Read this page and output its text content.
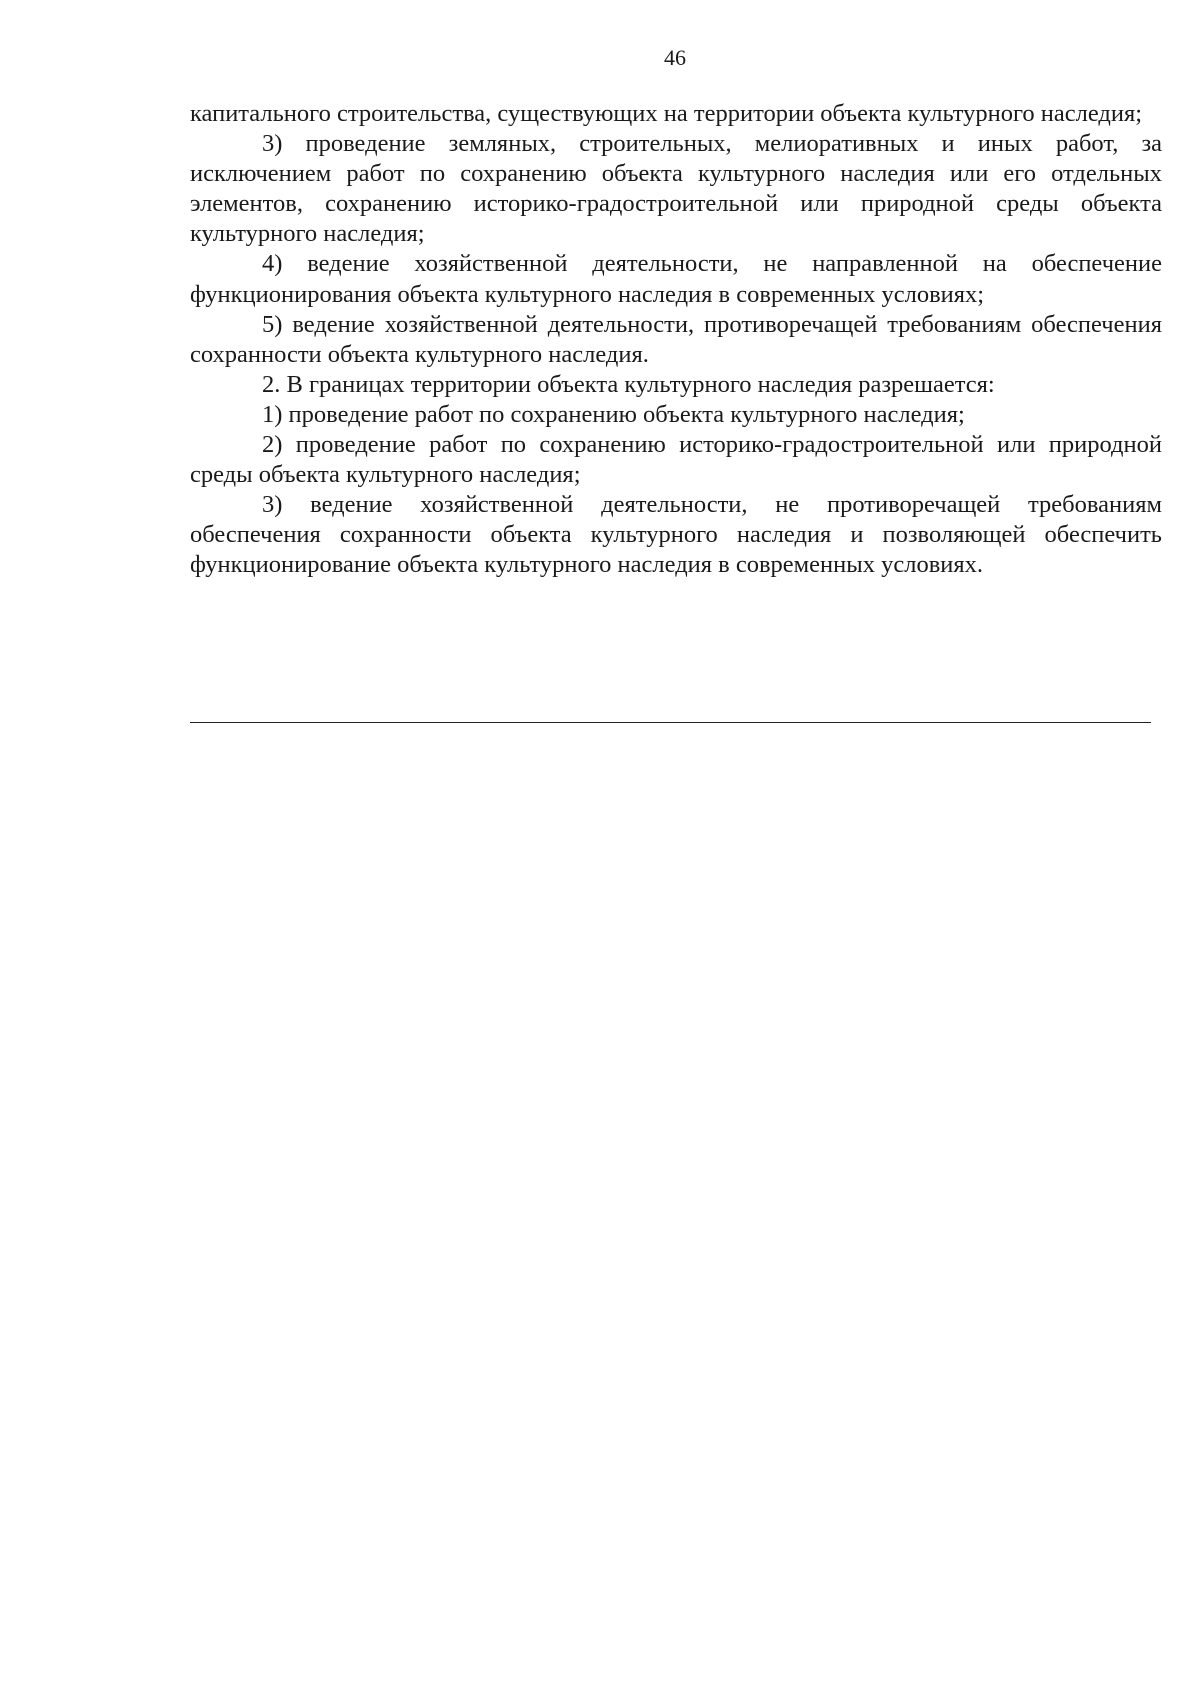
46

капитального строительства, существующих на территории объекта культурного наследия;

3) проведение земляных, строительных, мелиоративных и иных работ, за исключением работ по сохранению объекта культурного наследия или его отдельных элементов, сохранению историко-градостроительной или природной среды объекта культурного наследия;

4) ведение хозяйственной деятельности, не направленной на обеспечение функционирования объекта культурного наследия в современных условиях;

5) ведение хозяйственной деятельности, противоречащей требованиям обеспечения сохранности объекта культурного наследия.

2. В границах территории объекта культурного наследия разрешается:

1) проведение работ по сохранению объекта культурного наследия;

2) проведение работ по сохранению историко-градостроительной или природной среды объекта культурного наследия;

3) ведение хозяйственной деятельности, не противоречащей требованиям обеспечения сохранности объекта культурного наследия и позволяющей обеспечить функционирование объекта культурного наследия в современных условиях.
